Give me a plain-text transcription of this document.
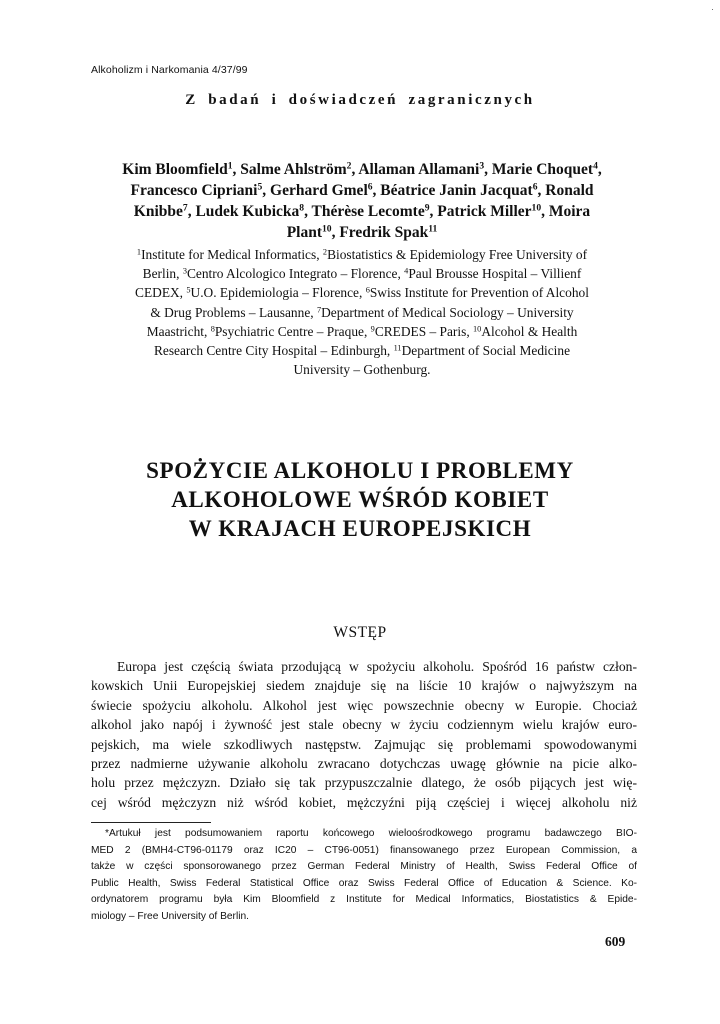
·
Alkoholizm i Narkomania 4/37/99
Z badań i doświadczeń zagranicznych

Kim Bloomfield$^1$, Salme Ahlström$^2$, Allaman Allamani$^3$, Marie Choquet$^4$,

Francesco Cipriani$^5$, Gerhard Gmel$^6$, Béatrice Janin Jacquat$^6$, Ronald

Knibbe$^7$, Ludek Kubicka$^8$, Thérèse Lecomte$^9$, Patrick Miller$^{10}$, Moira

Plant$^{10}$, Fredrik Spak$^{11}$

$^1$Institute for Medical Informatics, $^2$Biostatistics & Epidemiology Free University of

Berlin, $^3$Centro Alcologico Integrato – Florence, $^4$Paul Brousse Hospital – Villienf

CEDEX, $^5$U.O. Epidemiologia – Florence, $^6$Swiss Institute for Prevention of Alcohol

& Drug Problems – Lausanne, $^7$Department of Medical Sociology – University

Maastricht, $^8$Psychiatric Centre – Praque, $^9$CREDES – Paris, $^{10}$Alcohol & Health

Research Centre City Hospital – Edinburgh, $^{11}$Department of Social Medicine

University – Gothenburg.

SPOŻYCIE ALKOHOLU I PROBLEMY

ALKOHOLOWE WŚRÓD KOBIET

W KRAJACH EUROPEJSKICH

WSTĘP
Europa jest częścią świata przodującą w spożyciu alkoholu. Spośród 16 państw człon-
kowskich Unii Europejskiej siedem znajduje się na liście 10 krajów o najwyższym na
świecie spożyciu alkoholu. Alkohol jest więc powszechnie obecny w Europie. Chociaż
alkohol jako napój i żywność jest stale obecny w życiu codziennym wielu krajów euro-
pejskich, ma wiele szkodliwych następstw. Zajmując się problemami spowodowanymi
przez nadmierne używanie alkoholu zwracano dotychczas uwagę głównie na picie alko-
holu przez mężczyzn. Działo się tak przypuszczalnie dlatego, że osób pijących jest wię-
cej wśród mężczyzn niż wśród kobiet, mężczyźni piją częściej i więcej alkoholu niż
*Artukuł jest podsumowaniem raportu końcowego wieloośrodkowego programu badawczego BIO-
MED 2 (BMH4-CT96-01179 oraz IC20 – CT96-0051) finansowanego przez European Commission, a
także w części sponsorowanego przez German Federal Ministry of Health, Swiss Federal Office of
Public Health, Swiss Federal Statistical Office oraz Swiss Federal Office of Education & Science. Ko-
ordynatorem programu była Kim Bloomfield z Institute for Medical Informatics, Biostatistics & Epide-
miology – Free University of Berlin.
609
